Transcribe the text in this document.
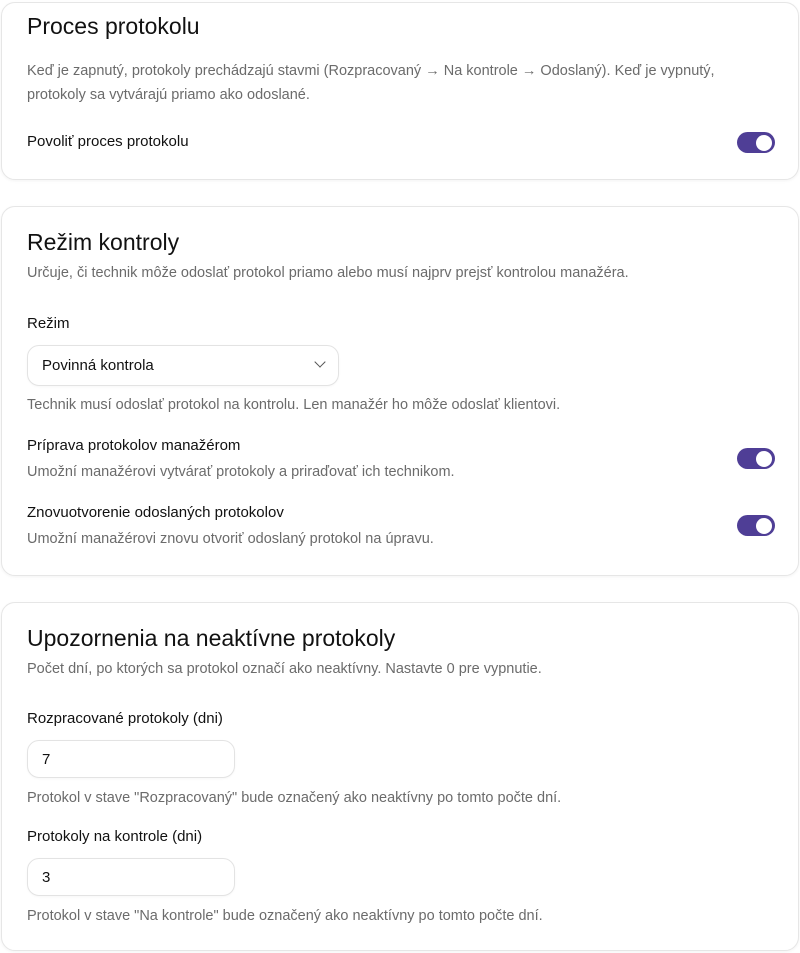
Proces protokolu
Keď je zapnutý, protokoly prechádzajú stavmi (Rozpracovaný → Na kontrole → Odoslaný). Keď je vypnutý,
protokoly sa vytvárajú priamo ako odoslané.
Povoliť proces protokolu
Režim kontroly
Určuje, či technik môže odoslať protokol priamo alebo musí najprv prejsť kontrolou manažéra.
Režim
Povinná kontrola
Technik musí odoslať protokol na kontrolu. Len manažér ho môže odoslať klientovi.
Príprava protokolov manažérom
Umožní manažérovi vytvárať protokoly a priraďovať ich technikom.
Znovuotvorenie odoslaných protokolov
Umožní manažérovi znovu otvoriť odoslaný protokol na úpravu.
Upozornenia na neaktívne protokoly
Počet dní, po ktorých sa protokol označí ako neaktívny. Nastavte 0 pre vypnutie.
Rozpracované protokoly (dni)
7
Protokol v stave "Rozpracovaný" bude označený ako neaktívny po tomto počte dní.
Protokoly na kontrole (dni)
3
Protokol v stave "Na kontrole" bude označený ako neaktívny po tomto počte dní.
